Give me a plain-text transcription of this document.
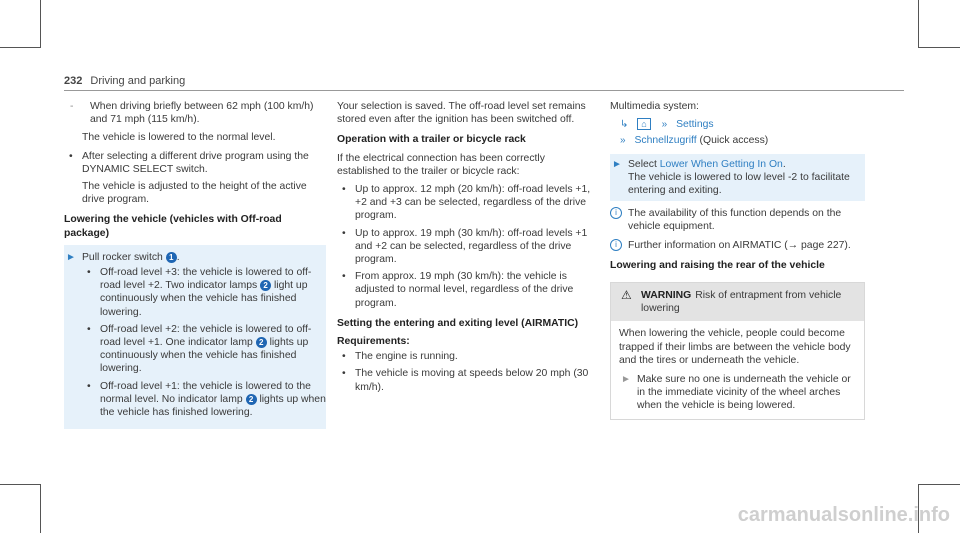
232 Driving and parking

-	When driving briefly between 62 mph (100 km/h) and 71 mph (115 km/h).

The vehicle is lowered to the normal level.

• After selecting a different drive program using the DYNAMIC SELECT switch.

The vehicle is adjusted to the height of the active drive program.

Lowering the vehicle (vehicles with Off-road package)
► Pull rocker switch 1 .
• Off-road level +3: the vehicle is lowered to off-road level +2. Two indicator lamps 2 light up continuously when the vehicle has finished lowering.
• Off-road level +2: the vehicle is lowered to off-road level +1. One indicator lamp 2 lights up continuously when the vehicle has finished lowering.
• Off-road level +1: the vehicle is lowered to the normal level. No indicator lamp 2 lights up when the vehicle has finished lowering.

Your selection is saved. The off-road level set remains stored even after the ignition has been switched off.

Operation with a trailer or bicycle rack

If the electrical connection has been correctly established to the trailer or bicycle rack:

• Up to approx. 12 mph (20 km/h): off-road levels +1, +2 and +3 can be selected, regardless of the drive program.
• Up to approx. 19 mph (30 km/h): off-road levels +1 and +2 can be selected, regardless of the drive program.
• From approx. 19 mph (30 km/h): the vehicle is adjusted to normal level, regardless of the drive program.
Setting the entering and exiting level (AIRMATIC)
Requirements:
• The engine is running.
• The vehicle is moving at speeds below 20 mph (30 km/h).

Multimedia system:

↳ ⌂ » Settings
» Schnellzugriff (Quick access)
► Select Lower When Getting In On.
The vehicle is lowered to low level -2 to facilitate entering and exiting.
i	The availability of this function depends on the vehicle equipment.
i	Further information on AIRMATIC (→ page 227).
Lowering and raising the rear of the vehicle
⚠ WARNING Risk of entrapment from vehicle lowering

When lowering the vehicle, people could become trapped if their limbs are between the vehicle body and the tires or underneath the vehicle.

► Make sure no one is underneath the vehicle or in the immediate vicinity of the wheel arches when the vehicle is being lowered.
carmanualsonline.info
